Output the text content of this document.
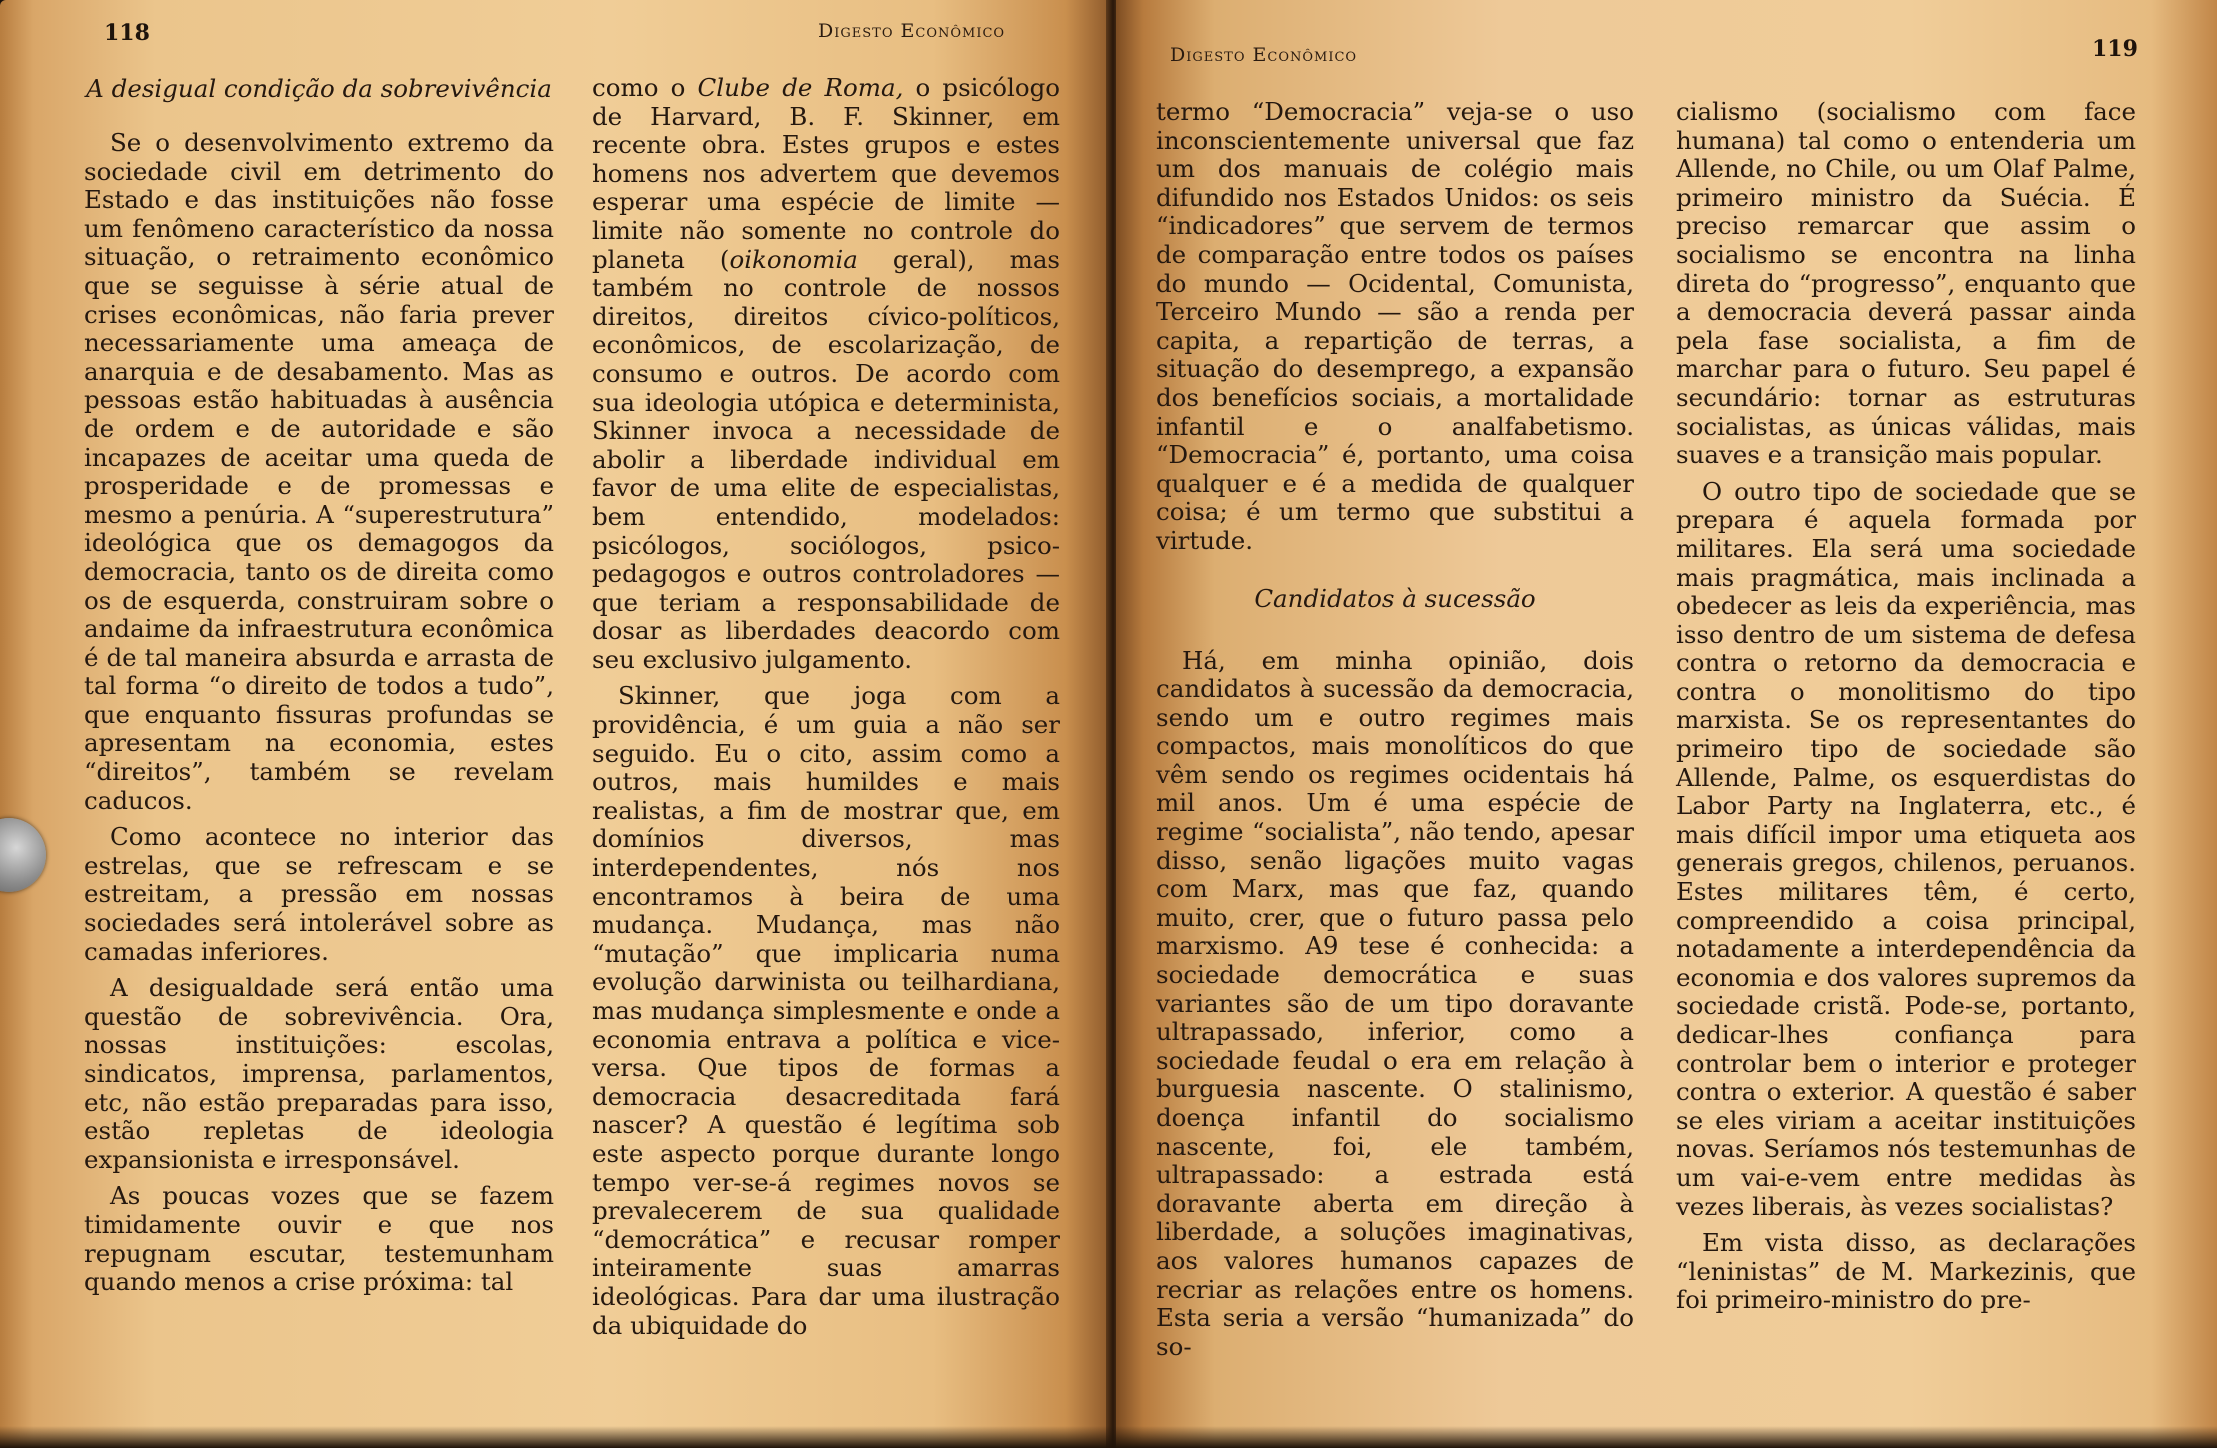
118	Digesto Econômico
A desigual condição da sobrevivência

Se o desenvolvimento extremo da sociedade civil em detrimento do Estado e das instituições não fosse um fenômeno característico da nossa situação, o retraimento econômico que se seguisse à série atual de crises econômicas, não faria prever necessariamente uma ameaça de anarquia e de desabamento. Mas as pessoas estão habituadas à ausência de ordem e de autoridade e são incapazes de aceitar uma queda de prosperidade e de promessas e mesmo a penúria. A “superestrutura” ideológica que os demagogos da democracia, tanto os de direita como os de esquerda, construiram sobre o andaime da infraestrutura econômica é de tal maneira absurda e arrasta de tal forma “o direito de todos a tudo”, que enquanto fissuras profundas se apresentam na economia, estes “direitos”, também se revelam caducos.

Como acontece no interior das estrelas, que se refrescam e se estreitam, a pressão em nossas sociedades será intolerável sobre as camadas inferiores.

A desigualdade será então uma questão de sobrevivência. Ora, nossas instituições: escolas, sindicatos, imprensa, parlamentos, etc, não estão preparadas para isso, estão repletas de ideologia expansionista e irresponsável.

As poucas vozes que se fazem timidamente ouvir e que nos repugnam escutar, testemunham quando menos a crise próxima: tal

como o Clube de Roma, o psicólogo de Harvard, B. F. Skinner, em recente obra. Estes grupos e estes homens nos advertem que devemos esperar uma espécie de limite — limite não somente no controle do planeta (oikonomia geral), mas também no controle de nossos direitos, direitos cívico-políticos, econômicos, de escolarização, de consumo e outros. De acordo com sua ideologia utópica e determinista, Skinner invoca a necessidade de abolir a liberdade individual em favor de uma elite de especialistas, bem entendido, modelados: psicólogos, sociólogos, psico-pedagogos e outros controladores — que teriam a responsabilidade de dosar as liberdades deacordo com seu exclusivo julgamento.

Skinner, que joga com a providência, é um guia a não ser seguido. Eu o cito, assim como a outros, mais humildes e mais realistas, a fim de mostrar que, em domínios diversos, mas interdependentes, nós nos encontramos à beira de uma mudança. Mudança, mas não “mutação” que implicaria numa evolução darwinista ou teilhardiana, mas mudança simplesmente e onde a economia entrava a política e vice-versa. Que tipos de formas a democracia desacreditada fará nascer? A questão é legítima sob este aspecto porque durante longo tempo ver-se-á regimes novos se prevalecerem de sua qualidade “democrática” e recusar romper inteiramente suas amarras ideológicas. Para dar uma ilustração da ubiquidade do

Digesto Econômico	119

termo “Democracia” veja-se o uso inconscientemente universal que faz um dos manuais de colégio mais difundido nos Estados Unidos: os seis “indicadores” que servem de termos de comparação entre todos os países do mundo — Ocidental, Comunista, Terceiro Mundo — são a renda per capita, a repartição de terras, a situação do desemprego, a expansão dos benefícios sociais, a mortalidade infantil e o analfabetismo. “Democracia” é, portanto, uma coisa qualquer e é a medida de qualquer coisa; é um termo que substitui a virtude.

Candidatos à sucessão

Há, em minha opinião, dois candidatos à sucessão da democracia, sendo um e outro regimes mais compactos, mais monolíticos do que vêm sendo os regimes ocidentais há mil anos. Um é uma espécie de regime “socialista”, não tendo, apesar disso, senão ligações muito vagas com Marx, mas que faz, quando muito, crer, que o futuro passa pelo marxismo. A9 tese é conhecida: a sociedade democrática e suas variantes são de um tipo doravante ultrapassado, inferior, como a sociedade feudal o era em relação à burguesia nascente. O stalinismo, doença infantil do socialismo nascente, foi, ele também, ultrapassado: a estrada está doravante aberta em direção à liberdade, a soluções imaginativas, aos valores humanos capazes de recriar as relações entre os homens. Esta seria a versão “humanizada” do so-

cialismo (socialismo com face humana) tal como o entenderia um Allende, no Chile, ou um Olaf Palme, primeiro ministro da Suécia. É preciso remarcar que assim o socialismo se encontra na linha direta do “progresso”, enquanto que a democracia deverá passar ainda pela fase socialista, a fim de marchar para o futuro. Seu papel é secundário: tornar as estruturas socialistas, as únicas válidas, mais suaves e a transição mais popular.

O outro tipo de sociedade que se prepara é aquela formada por militares. Ela será uma sociedade mais pragmática, mais inclinada a obedecer as leis da experiência, mas isso dentro de um sistema de defesa contra o retorno da democracia e contra o monolitismo do tipo marxista. Se os representantes do primeiro tipo de sociedade são Allende, Palme, os esquerdistas do Labor Party na Inglaterra, etc., é mais difícil impor uma etiqueta aos generais gregos, chilenos, peruanos. Estes militares têm, é certo, compreendido a coisa principal, notadamente a interdependência da economia e dos valores supremos da sociedade cristã. Pode-se, portanto, dedicar-lhes confiança para controlar bem o interior e proteger contra o exterior. A questão é saber se eles viriam a aceitar instituições novas. Seríamos nós testemunhas de um vai-e-vem entre medidas às vezes liberais, às vezes socialistas?

Em vista disso, as declarações “leninistas” de M. Markezinis, que foi primeiro-ministro do pre-
